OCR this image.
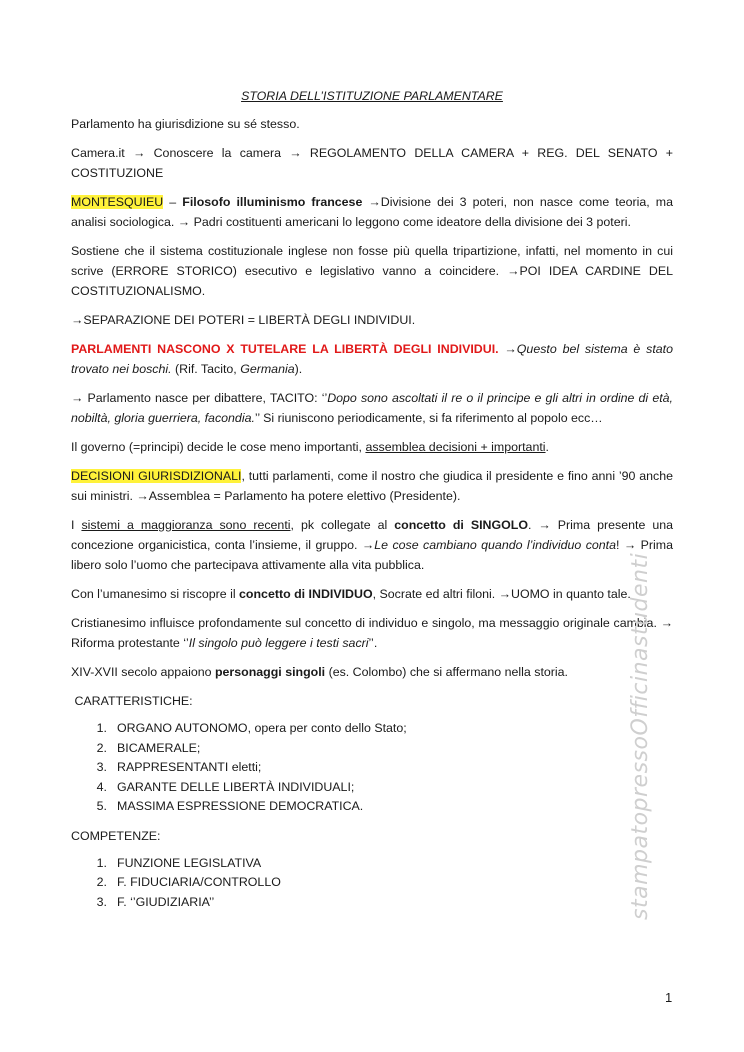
STORIA DELL’ISTITUZIONE PARLAMENTARE

Parlamento ha giurisdizione su sé stesso.

Camera.it → Conoscere la camera → REGOLAMENTO DELLA CAMERA + REG. DEL SENATO + COSTITUZIONE

MONTESQUIEU – Filosofo illuminismo francese →Divisione dei 3 poteri, non nasce come teoria, ma analisi sociologica. → Padri costituenti americani lo leggono come ideatore della divisione dei 3 poteri.

Sostiene che il sistema costituzionale inglese non fosse più quella tripartizione, infatti, nel momento in cui scrive (ERRORE STORICO) esecutivo e legislativo vanno a coincidere. →POI IDEA CARDINE DEL COSTITUZIONALISMO.

→SEPARAZIONE DEI POTERI = LIBERTÀ DEGLI INDIVIDUI.

PARLAMENTI NASCONO X TUTELARE LA LIBERTÀ DEGLI INDIVIDUI. →Questo bel sistema è stato trovato nei boschi. (Rif. Tacito, Germania).

→ Parlamento nasce per dibattere, TACITO: ‘’Dopo sono ascoltati il re o il principe e gli altri in ordine di età, nobiltà, gloria guerriera, facondia.’’ Si riuniscono periodicamente, si fa riferimento al popolo ecc…

Il governo (=principi) decide le cose meno importanti, assemblea decisioni + importanti.

DECISIONI GIURISDIZIONALI, tutti parlamenti, come il nostro che giudica il presidente e fino anni ’90 anche sui ministri. →Assemblea = Parlamento ha potere elettivo (Presidente).

I sistemi a maggioranza sono recenti, pk collegate al concetto di SINGOLO. → Prima presente una concezione organicistica, conta l’insieme, il gruppo. →Le cose cambiano quando l’individuo conta! → Prima libero solo l’uomo che partecipava attivamente alla vita pubblica.

Con l’umanesimo si riscopre il concetto di INDIVIDUO, Socrate ed altri filoni. →UOMO in quanto tale.

Cristianesimo influisce profondamente sul concetto di individuo e singolo, ma messaggio originale cambia. → Riforma protestante ‘’Il singolo può leggere i testi sacri’’.

XIV-XVII secolo appaiono personaggi singoli (es. Colombo) che si affermano nella storia.

CARATTERISTICHE:
1. ORGANO AUTONOMO, opera per conto dello Stato;
2. BICAMERALE;
3. RAPPRESENTANTI eletti;
4. GARANTE DELLE LIBERTÀ INDIVIDUALI;
5. MASSIMA ESPRESSIONE DEMOCRATICA.
COMPETENZE:
1. FUNZIONE LEGISLATIVA
2. F. FIDUCIARIA/CONTROLLO
3. F. ‘’GIUDIZIARIA’’	stampatopressoOfficinastudenti
1
